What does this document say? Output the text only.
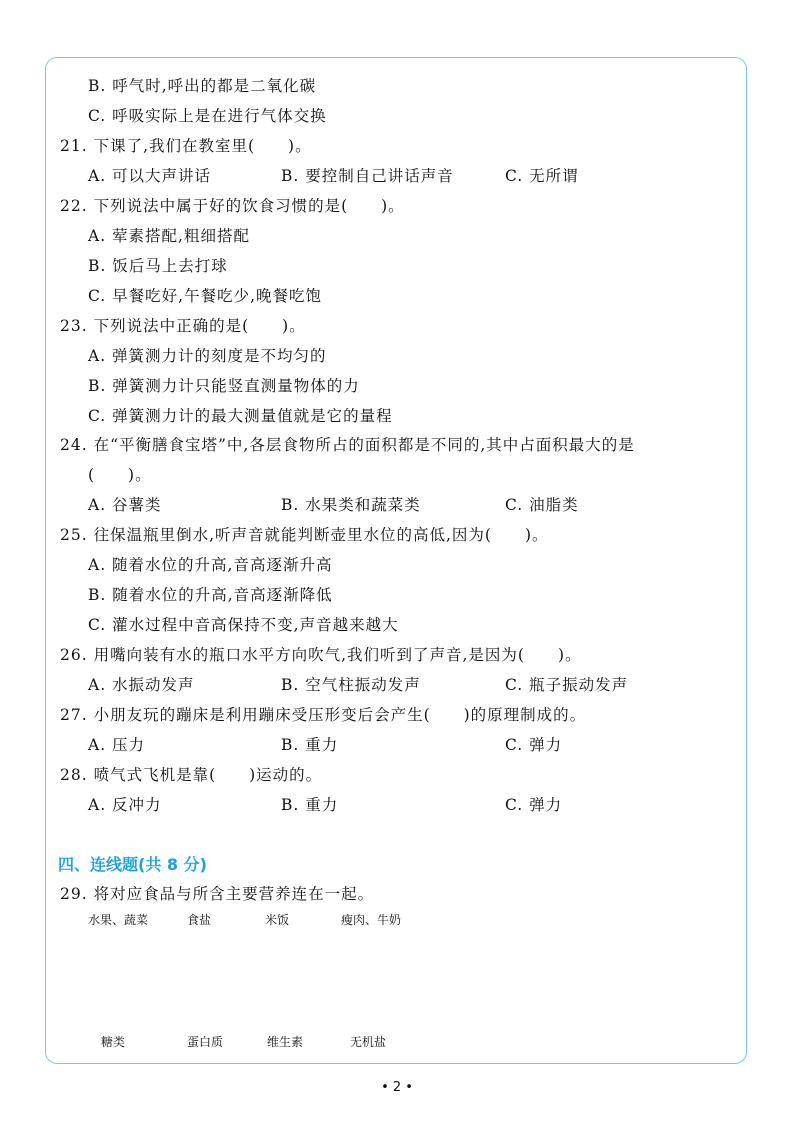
B. 呼气时,呼出的都是二氧化碳
C. 呼吸实际上是在进行气体交换
21. 下课了,我们在教室里(　　)。
A. 可以大声讲话	B. 要控制自己讲话声音	C. 无所谓
22. 下列说法中属于好的饮食习惯的是(　　)。
A. 荤素搭配,粗细搭配
B. 饭后马上去打球
C. 早餐吃好,午餐吃少,晚餐吃饱
23. 下列说法中正确的是(　　)。
A. 弹簧测力计的刻度是不均匀的
B. 弹簧测力计只能竖直测量物体的力
C. 弹簧测力计的最大测量值就是它的量程
24. 在“平衡膳食宝塔”中,各层食物所占的面积都是不同的,其中占面积最大的是
(　　)。
A. 谷薯类	B. 水果类和蔬菜类	C. 油脂类
25. 往保温瓶里倒水,听声音就能判断壶里水位的高低,因为(　　)。
A. 随着水位的升高,音高逐渐升高
B. 随着水位的升高,音高逐渐降低
C. 灌水过程中音高保持不变,声音越来越大
26. 用嘴向装有水的瓶口水平方向吹气,我们听到了声音,是因为(　　)。
A. 水振动发声	B. 空气柱振动发声	C. 瓶子振动发声
27. 小朋友玩的蹦床是利用蹦床受压形变后会产生(　　)的原理制成的。
A. 压力	B. 重力	C. 弹力
28. 喷气式飞机是靠(　　)运动的。
A. 反冲力	B. 重力	C. 弹力
四、连线题(共 8 分)
29. 将对应食品与所含主要营养连在一起。
水果、蔬菜	食盐	米饭	瘦肉、牛奶
糖类	蛋白质	维生素	无机盐
• 2 •
